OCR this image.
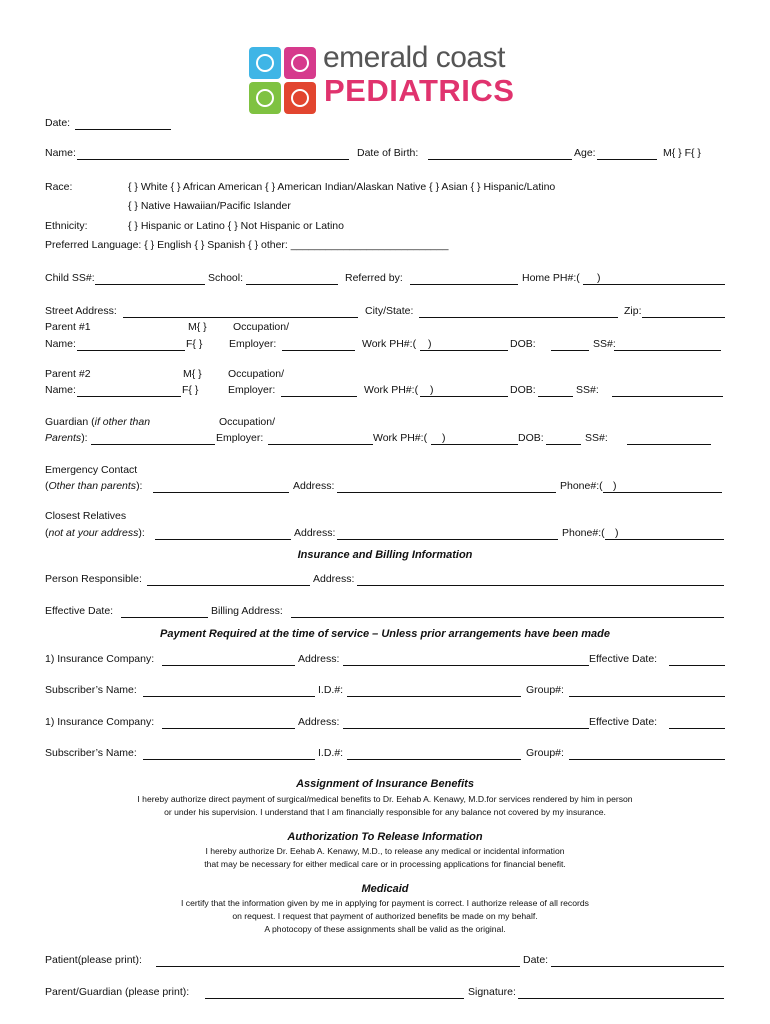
emerald coast
PEDIATRICS
Date:
Name:	Date of Birth:	Age:	M{ } F{ }
Race:	{ } White { } African American { } American Indian/Alaskan Native { } Asian { } Hispanic/Latino
{ } Native Hawaiian/Pacific Islander
Ethnicity:	{ } Hispanic or Latino { } Not Hispanic or Latino
Preferred Language: { } English { } Spanish { } other: ___________________________
Child SS#:	School:	Referred by:	Home PH#:( )
Street Address:	City/State:	Zip:
Parent #1	M{ }	Occupation/
Name:	F{ }	Employer:	Work PH#:( )	DOB:	SS#:
Parent #2	M{ }	Occupation/
Name:	F{ }	Employer:	Work PH#:( )	DOB:	SS#:
Guardian (if other than	Occupation/
Parents):	Employer:	Work PH#:( )	DOB:	SS#:
Emergency Contact
(Other than parents):	Address:	Phone#:( )
Closest Relatives
(not at your address):	Address:	Phone#:( )
Insurance and Billing Information
Person Responsible:	Address:
Effective Date:	Billing Address:
Payment Required at the time of service – Unless prior arrangements have been made
1) Insurance Company:	Address:	Effective Date:
Subscriber’s Name:	I.D.#:	Group#:
1) Insurance Company:	Address:	Effective Date:
Subscriber’s Name:	I.D.#:	Group#:
Assignment of Insurance Benefits
I hereby authorize direct payment of surgical/medical benefits to Dr. Eehab A. Kenawy, M.D.for services rendered by him in person
or under his supervision. I understand that I am financially responsible for any balance not covered by my insurance.
Authorization To Release Information
I hereby authorize Dr. Eehab A. Kenawy, M.D., to release any medical or incidental information
that may be necessary for either medical care or in processing applications for financial benefit.
Medicaid
I certify that the information given by me in applying for payment is correct. I authorize release of all records
on request. I request that payment of authorized benefits be made on my behalf.
A photocopy of these assignments shall be valid as the original.
Patient(please print):	Date:
Parent/Guardian (please print):	Signature:
